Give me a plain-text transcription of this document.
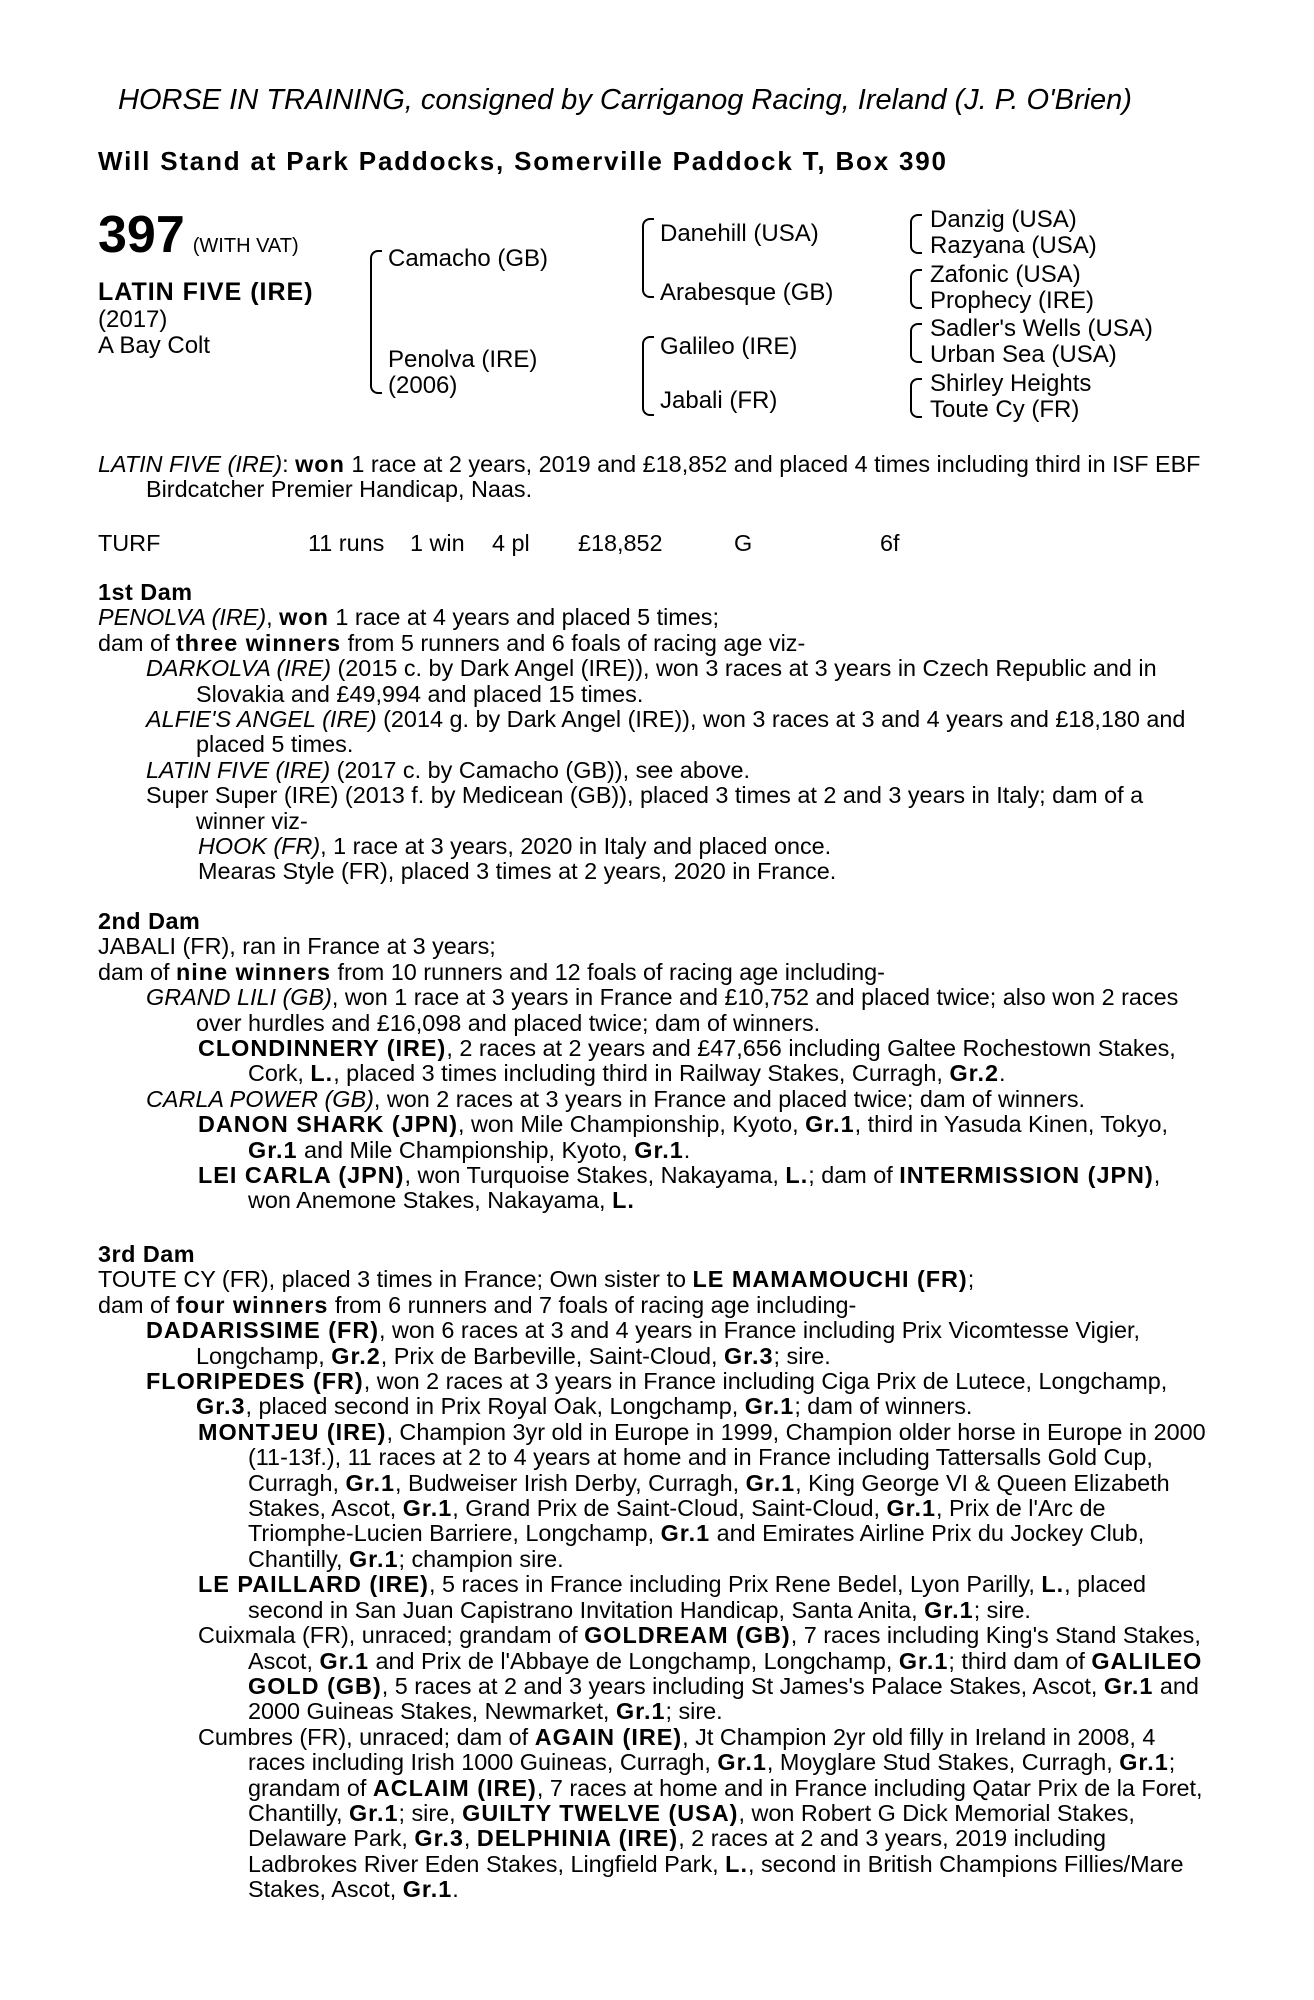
HORSE IN TRAINING, consigned by Carriganog Racing, Ireland (J. P. O'Brien)
Will Stand at Park Paddocks, Somerville Paddock T, Box 390
397 (WITH VAT)
LATIN FIVE (IRE)
(2017)
A Bay Colt
Camacho (GB)
Penolva (IRE)
(2006)
Danehill (USA)
Arabesque (GB)
Galileo (IRE)
Jabali (FR)
Danzig (USA)
Razyana (USA)
Zafonic (USA)
Prophecy (IRE)
Sadler's Wells (USA)
Urban Sea (USA)
Shirley Heights
Toute Cy (FR)
TURF	11 runs 1 win 4 pl £18,852	G	6f

LATIN FIVE (IRE): won 1 race at 2 years, 2019 and £18,852 and placed 4 times including third in ISF EBF Birdcatcher Premier Handicap, Naas.

1st Dam

PENOLVA (IRE), won 1 race at 4 years and placed 5 times;

dam of three winners from 5 runners and 6 foals of racing age viz-

DARKOLVA (IRE) (2015 c. by Dark Angel (IRE)), won 3 races at 3 years in Czech Republic and in Slovakia and £49,994 and placed 15 times.

ALFIE'S ANGEL (IRE) (2014 g. by Dark Angel (IRE)), won 3 races at 3 and 4 years and £18,180 and placed 5 times.

LATIN FIVE (IRE) (2017 c. by Camacho (GB)), see above.

Super Super (IRE) (2013 f. by Medicean (GB)), placed 3 times at 2 and 3 years in Italy; dam of a winner viz-

HOOK (FR), 1 race at 3 years, 2020 in Italy and placed once.

Mearas Style (FR), placed 3 times at 2 years, 2020 in France.

2nd Dam

JABALI (FR), ran in France at 3 years;

dam of nine winners from 10 runners and 12 foals of racing age including-

GRAND LILI (GB), won 1 race at 3 years in France and £10,752 and placed twice; also won 2 races over hurdles and £16,098 and placed twice; dam of winners.

CLONDINNERY (IRE), 2 races at 2 years and £47,656 including Galtee Rochestown Stakes, Cork, L., placed 3 times including third in Railway Stakes, Curragh, Gr.2.

CARLA POWER (GB), won 2 races at 3 years in France and placed twice; dam of winners.

DANON SHARK (JPN), won Mile Championship, Kyoto, Gr.1, third in Yasuda Kinen, Tokyo, Gr.1 and Mile Championship, Kyoto, Gr.1.

LEI CARLA (JPN), won Turquoise Stakes, Nakayama, L.; dam of INTERMISSION (JPN), won Anemone Stakes, Nakayama, L.

3rd Dam

TOUTE CY (FR), placed 3 times in France; Own sister to LE MAMAMOUCHI (FR);

dam of four winners from 6 runners and 7 foals of racing age including-

DADARISSIME (FR), won 6 races at 3 and 4 years in France including Prix Vicomtesse Vigier, Longchamp, Gr.2, Prix de Barbeville, Saint-Cloud, Gr.3; sire.

FLORIPEDES (FR), won 2 races at 3 years in France including Ciga Prix de Lutece, Longchamp, Gr.3, placed second in Prix Royal Oak, Longchamp, Gr.1; dam of winners.

MONTJEU (IRE), Champion 3yr old in Europe in 1999, Champion older horse in Europe in 2000 (11-13f.), 11 races at 2 to 4 years at home and in France including Tattersalls Gold Cup, Curragh, Gr.1, Budweiser Irish Derby, Curragh, Gr.1, King George VI & Queen Elizabeth Stakes, Ascot, Gr.1, Grand Prix de Saint-Cloud, Saint-Cloud, Gr.1, Prix de l'Arc de Triomphe-Lucien Barriere, Longchamp, Gr.1 and Emirates Airline Prix du Jockey Club, Chantilly, Gr.1; champion sire.

LE PAILLARD (IRE), 5 races in France including Prix Rene Bedel, Lyon Parilly, L., placed second in San Juan Capistrano Invitation Handicap, Santa Anita, Gr.1; sire.

Cuixmala (FR), unraced; grandam of GOLDREAM (GB), 7 races including King's Stand Stakes, Ascot, Gr.1 and Prix de l'Abbaye de Longchamp, Longchamp, Gr.1; third dam of GALILEO GOLD (GB), 5 races at 2 and 3 years including St James's Palace Stakes, Ascot, Gr.1 and 2000 Guineas Stakes, Newmarket, Gr.1; sire.

Cumbres (FR), unraced; dam of AGAIN (IRE), Jt Champion 2yr old filly in Ireland in 2008, 4 races including Irish 1000 Guineas, Curragh, Gr.1, Moyglare Stud Stakes, Curragh, Gr.1; grandam of ACLAIM (IRE), 7 races at home and in France including Qatar Prix de la Foret, Chantilly, Gr.1; sire, GUILTY TWELVE (USA), won Robert G Dick Memorial Stakes, Delaware Park, Gr.3, DELPHINIA (IRE), 2 races at 2 and 3 years, 2019 including Ladbrokes River Eden Stakes, Lingfield Park, L., second in British Champions Fillies/Mare Stakes, Ascot, Gr.1.
